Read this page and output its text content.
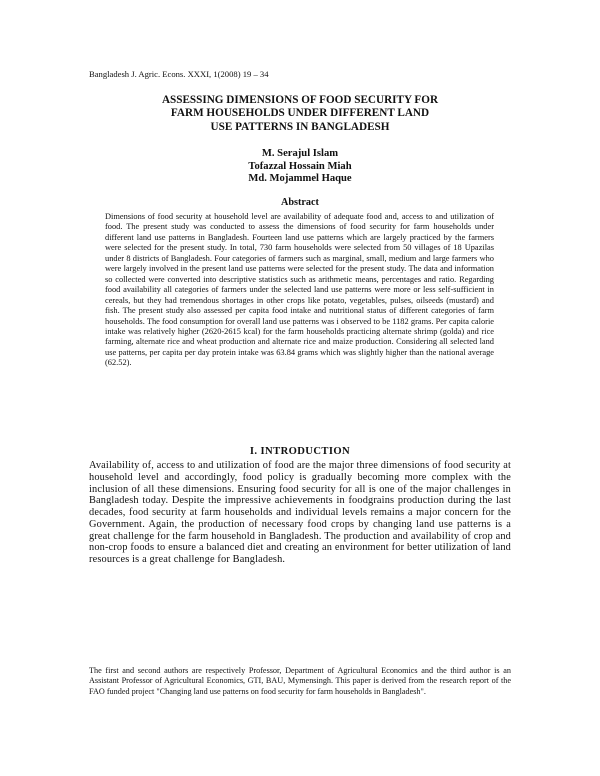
Bangladesh J. Agric. Econs. XXXI, 1(2008) 19 – 34
ASSESSING DIMENSIONS OF FOOD SECURITY FOR
FARM HOUSEHOLDS UNDER DIFFERENT LAND
USE PATTERNS IN BANGLADESH
M. Serajul Islam
Tofazzal Hossain Miah
Md. Mojammel Haque
Abstract

Dimensions of food security at household level are availability of adequate food and, access to and utilization of food. The present study was conducted to assess the dimensions of food security for farm households under different land use patterns in Bangladesh. Fourteen land use patterns which are largely practiced by the farmers were selected for the present study. In total, 730 farm households were selected from 50 villages of 18 Upazilas under 8 districts of Bangladesh. Four categories of farmers such as marginal, small, medium and large farmers who were largely involved in the present land use patterns were selected for the present study. The data and information so collected were converted into descriptive statistics such as arithmetic means, percentages and ratio. Regarding food availability all categories of farmers under the selected land use patterns were more or less self-sufficient in cereals, but they had tremendous shortages in other crops like potato, vegetables, pulses, oilseeds (mustard) and fish. The present study also assessed per capita food intake and nutritional status of different categories of farm households. The food consumption for overall land use patterns was i observed to be 1182 grams. Per capita calorie intake was relatively higher (2620-2615 kcal) for the farm households practicing alternate shrimp (golda) and rice farming, alternate rice and wheat production and alternate rice and maize production. Considering all selected land use patterns, per capita per day protein intake was 63.84 grams which was slightly higher than the national average (62.52).

I. INTRODUCTION

Availability of, access to and utilization of food are the major three dimensions of food security at household level and accordingly, food policy is gradually becoming more complex with the inclusion of all these dimensions. Ensuring food security for all is one of the major challenges in Bangladesh today. Despite the impressive achievements in foodgrains production during the last decades, food security at farm households and individual levels remains a major concern for the Government. Again, the production of necessary food crops by changing land use patterns is a great challenge for the farm household in Bangladesh. The production and availability of crop and non-crop foods to ensure a balanced diet and creating an environment for better utilization of land resources is a great challenge for Bangladesh.

The first and second authors are respectively Professor, Department of Agricultural Economics and the third author is an Assistant Professor of Agricultural Economics, GTI, BAU, Mymensingh. This paper is derived from the research report of the FAO funded project "Changing land use patterns on food security for farm households in Bangladesh".
